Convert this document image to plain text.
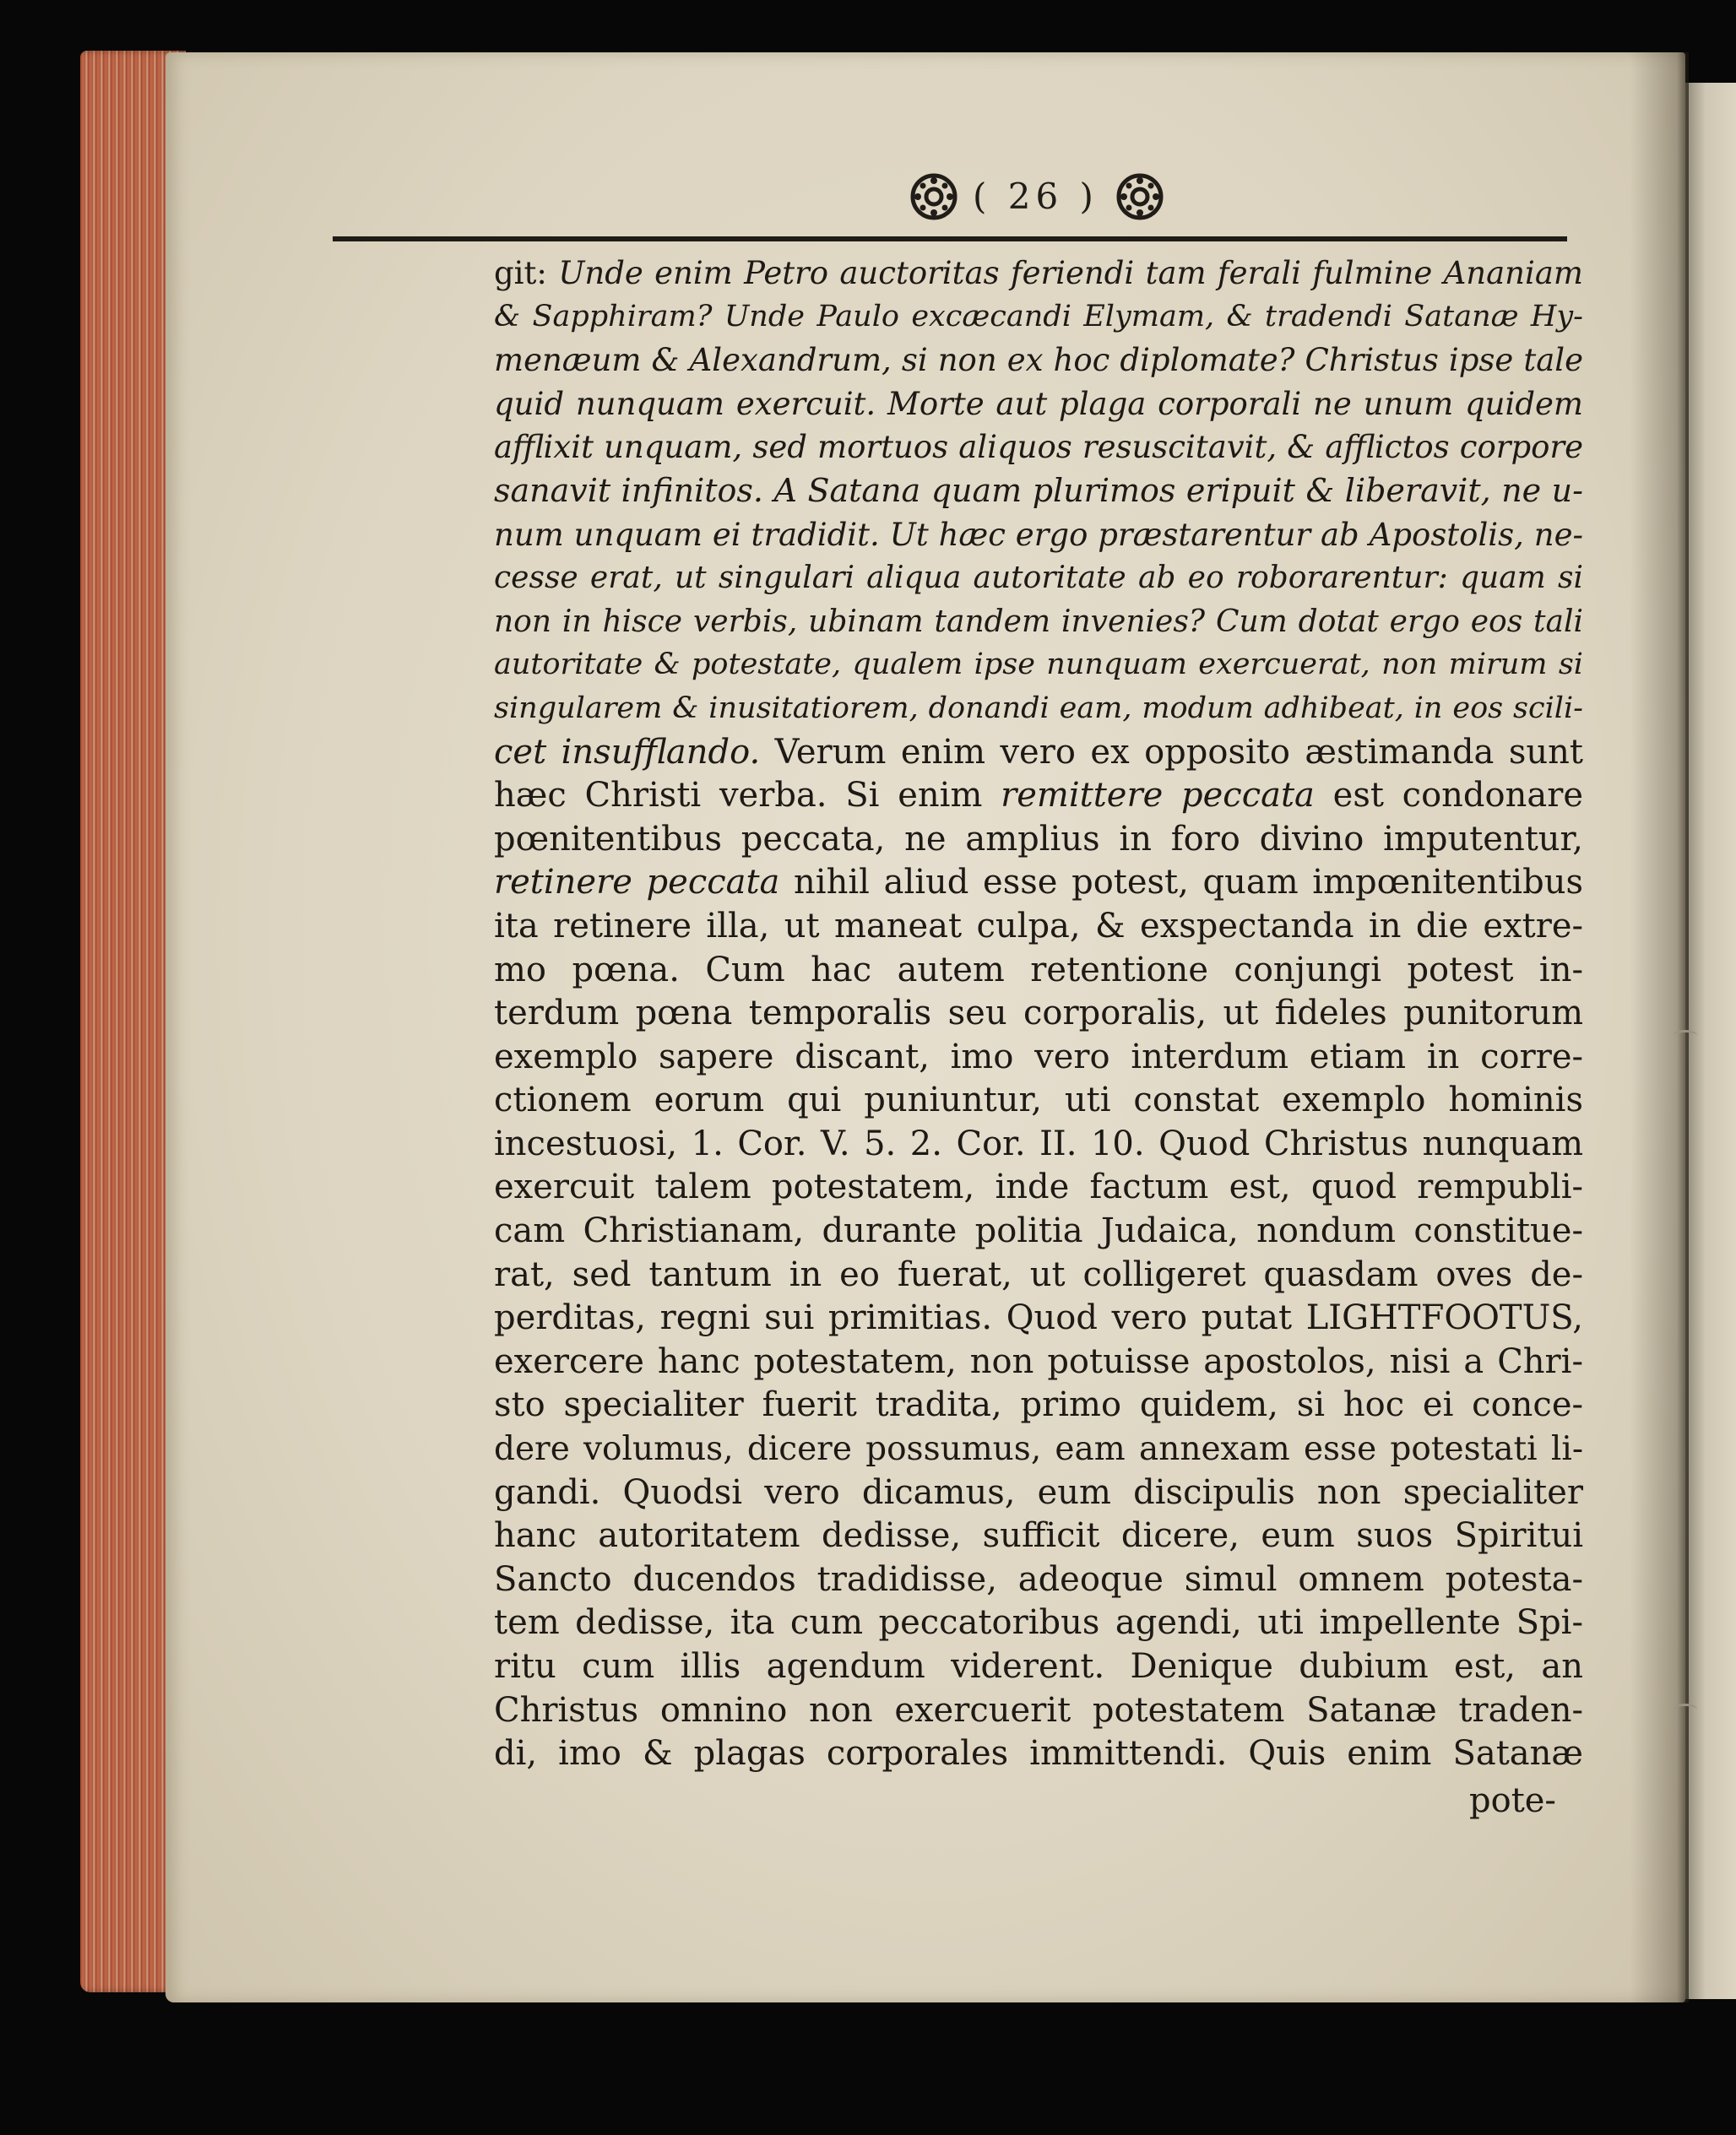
( 26 )
git: Unde enim Petro auctoritas feriendi tam ferali fulmine Ananiam
& Sapphiram? Unde Paulo excæcandi Elymam, & tradendi Satanæ Hy-
menæum & Alexandrum, si non ex hoc diplomate? Christus ipse tale
quid nunquam exercuit. Morte aut plaga corporali ne unum quidem
afflixit unquam, sed mortuos aliquos resuscitavit, & afflictos corpore
sanavit infinitos. A Satana quam plurimos eripuit & liberavit, ne u-
num unquam ei tradidit. Ut hæc ergo præstarentur ab Apostolis, ne-
cesse erat, ut singulari aliqua autoritate ab eo roborarentur: quam si
non in hisce verbis, ubinam tandem invenies? Cum dotat ergo eos tali
autoritate & potestate, qualem ipse nunquam exercuerat, non mirum si
singularem & inusitatiorem, donandi eam, modum adhibeat, in eos scili-
cet insufflando. Verum enim vero ex opposito æstimanda sunt
hæc Christi verba. Si enim remittere peccata est condonare
pœnitentibus peccata, ne amplius in foro divino imputentur,
retinere peccata nihil aliud esse potest, quam impœnitentibus
ita retinere illa, ut maneat culpa, & exspectanda in die extre-
mo pœna. Cum hac autem retentione conjungi potest in-
terdum pœna temporalis seu corporalis, ut fideles punitorum
exemplo sapere discant, imo vero interdum etiam in corre-
ctionem eorum qui puniuntur, uti constat exemplo hominis
incestuosi, 1. Cor. V. 5. 2. Cor. II. 10. Quod Christus nunquam
exercuit talem potestatem, inde factum est, quod rempubli-
cam Christianam, durante politia Judaica, nondum constitue-
rat, sed tantum in eo fuerat, ut colligeret quasdam oves de-
perditas, regni sui primitias. Quod vero putat LIGHTFOOTUS,
exercere hanc potestatem, non potuisse apostolos, nisi a Chri-
sto specialiter fuerit tradita, primo quidem, si hoc ei conce-
dere volumus, dicere possumus, eam annexam esse potestati li-
gandi. Quodsi vero dicamus, eum discipulis non specialiter
hanc autoritatem dedisse, sufficit dicere, eum suos Spiritui
Sancto ducendos tradidisse, adeoque simul omnem potesta-
tem dedisse, ita cum peccatoribus agendi, uti impellente Spi-
ritu cum illis agendum viderent. Denique dubium est, an
Christus omnino non exercuerit potestatem Satanæ traden-
di, imo & plagas corporales immittendi. Quis enim Satanæ
pote-
